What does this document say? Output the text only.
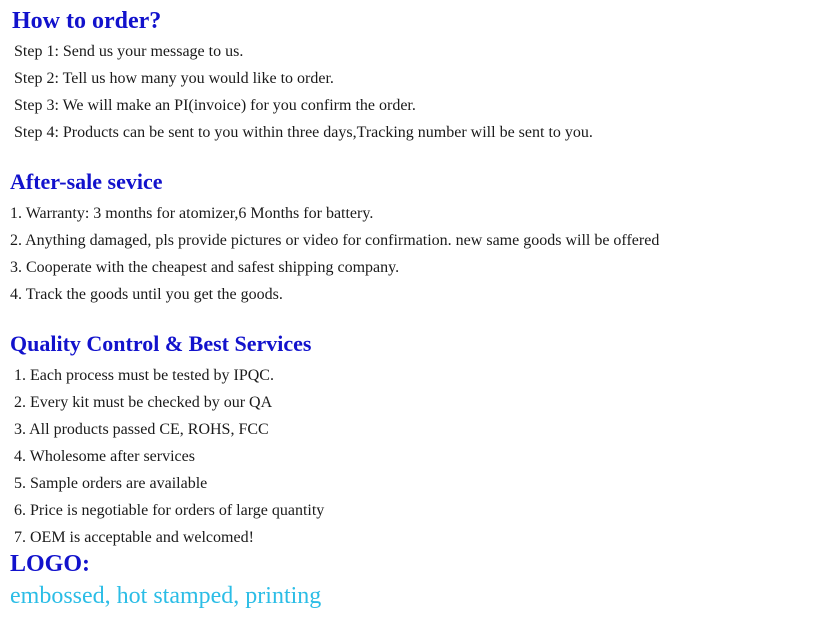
How to order?
Step 1: Send us your message to us.
Step 2: Tell us how many you would like to order.
Step 3: We will make an PI(invoice) for you confirm the order.
Step 4: Products can be sent to you within three days,Tracking number will be sent to you.
After-sale sevice
1. Warranty: 3 months for atomizer,6 Months for battery.
2. Anything damaged, pls provide pictures or video for confirmation. new same goods will be offered
3. Cooperate with the cheapest and safest shipping company.
4. Track the goods until you get the goods.
Quality Control & Best Services
1. Each process must be tested by IPQC.
2. Every kit must be checked by our QA
3. All products passed CE, ROHS, FCC
4. Wholesome after services
5. Sample orders are available
6. Price is negotiable for orders of large quantity
7. OEM is acceptable and welcomed!
LOGO:

embossed, hot stamped, printing
